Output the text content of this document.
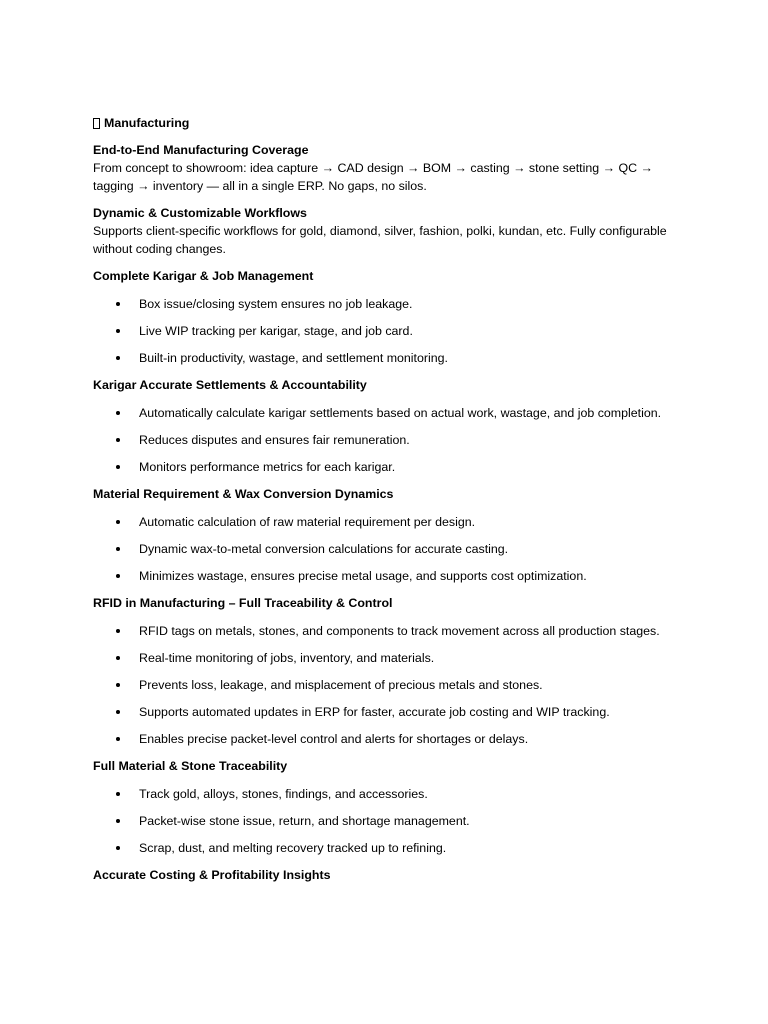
Manufacturing
End-to-End Manufacturing Coverage
From concept to showroom: idea capture → CAD design → BOM → casting → stone setting → QC → tagging → inventory — all in a single ERP. No gaps, no silos.
Dynamic & Customizable Workflows
Supports client-specific workflows for gold, diamond, silver, fashion, polki, kundan, etc. Fully configurable without coding changes.
Complete Karigar & Job Management
Box issue/closing system ensures no job leakage.
Live WIP tracking per karigar, stage, and job card.
Built-in productivity, wastage, and settlement monitoring.
Karigar Accurate Settlements & Accountability
Automatically calculate karigar settlements based on actual work, wastage, and job completion.
Reduces disputes and ensures fair remuneration.
Monitors performance metrics for each karigar.
Material Requirement & Wax Conversion Dynamics
Automatic calculation of raw material requirement per design.
Dynamic wax-to-metal conversion calculations for accurate casting.
Minimizes wastage, ensures precise metal usage, and supports cost optimization.
RFID in Manufacturing – Full Traceability & Control
RFID tags on metals, stones, and components to track movement across all production stages.
Real-time monitoring of jobs, inventory, and materials.
Prevents loss, leakage, and misplacement of precious metals and stones.
Supports automated updates in ERP for faster, accurate job costing and WIP tracking.
Enables precise packet-level control and alerts for shortages or delays.
Full Material & Stone Traceability
Track gold, alloys, stones, findings, and accessories.
Packet-wise stone issue, return, and shortage management.
Scrap, dust, and melting recovery tracked up to refining.
Accurate Costing & Profitability Insights
